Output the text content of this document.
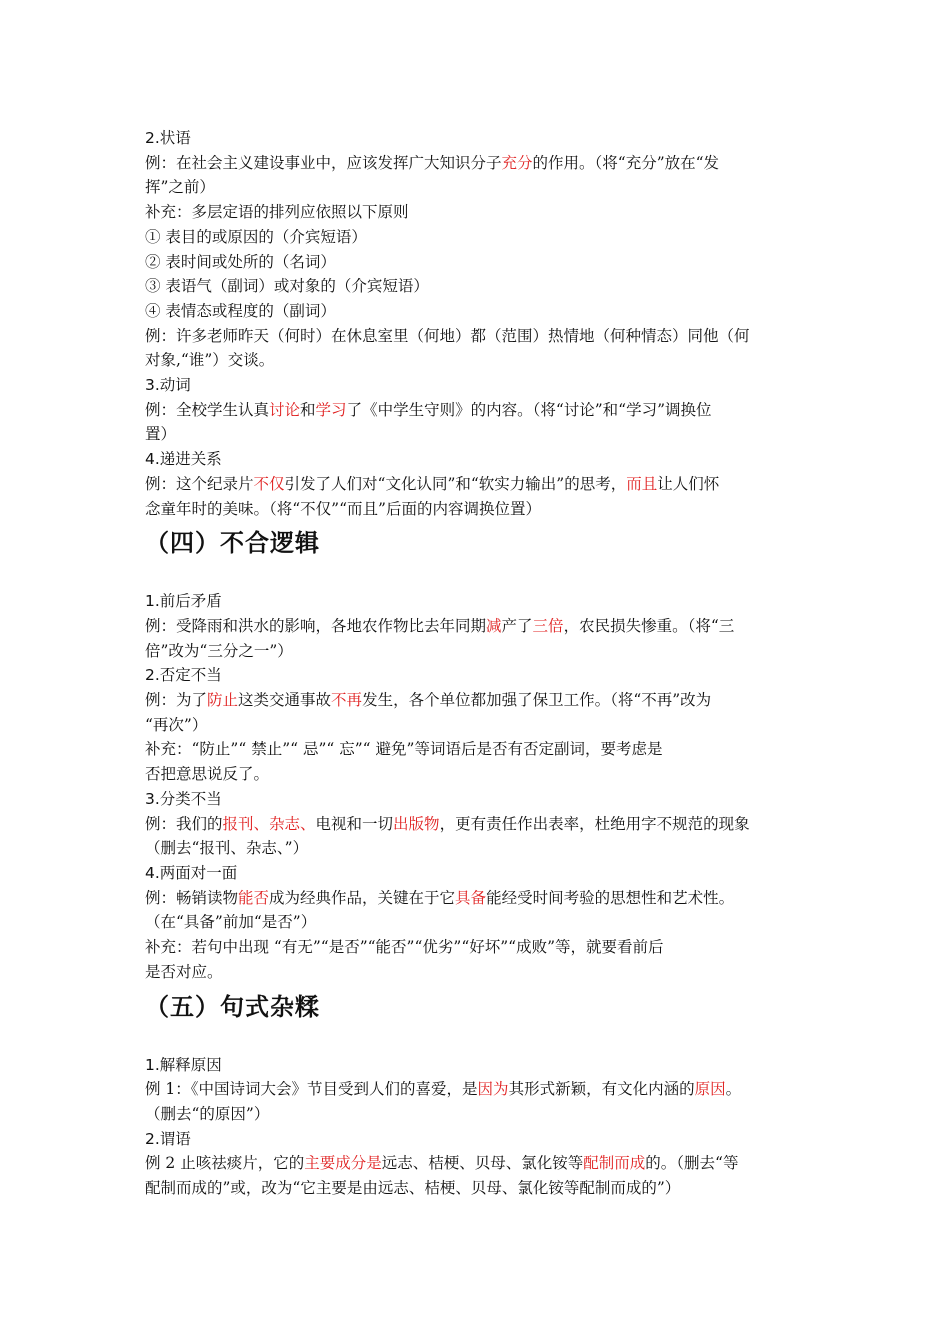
2.状语
例：在社会主义建设事业中，应该发挥广大知识分子充分的作用。（将“充分”放在“发
挥”之前）
补充：多层定语的排列应依照以下原则
① 表目的或原因的（介宾短语）
② 表时间或处所的（名词）
③ 表语气（副词）或对象的（介宾短语）
④ 表情态或程度的（副词）
例：许多老师昨天（何时）在休息室里（何地）都（范围）热情地（何种情态）同他（何
对象,“谁”）交谈。
3.动词
例：全校学生认真讨论和学习了《中学生守则》的内容。（将“讨论”和“学习”调换位
置）
4.递进关系
例：这个纪录片不仅引发了人们对“文化认同”和“软实力输出”的思考，而且让人们怀
念童年时的美味。（将“不仅”“而且”后面的内容调换位置）
（四）不合逻辑
1.前后矛盾
例：受降雨和洪水的影响，各地农作物比去年同期减产了三倍，农民损失惨重。（将“三
倍”改为“三分之一”）
2.否定不当
例：为了防止这类交通事故不再发生，各个单位都加强了保卫工作。（将“不再”改为
“再次”）
补充：“防止”“ 禁止”“ 忌”“ 忘”“ 避免”等词语后是否有否定副词，要考虑是
否把意思说反了。
3.分类不当
例：我们的报刊、杂志、电视和一切出版物，更有责任作出表率，杜绝用字不规范的现象
（删去“报刊、杂志、”）
4.两面对一面
例：畅销读物能否成为经典作品，关键在于它具备能经受时间考验的思想性和艺术性。
（在“具备”前加“是否”）
补充：若句中出现 “有无”“是否”“能否”“优劣”“好坏”“成败”等，就要看前后
是否对应。
（五）句式杂糅
1.解释原因
例 1：《中国诗词大会》节目受到人们的喜爱，是因为其形式新颖，有文化内涵的原因。
（删去“的原因”）
2.谓语
例 2 止咳祛痰片，它的主要成分是远志、桔梗、贝母、氯化铵等配制而成的。（删去“等
配制而成的”或，改为“它主要是由远志、桔梗、贝母、氯化铵等配制而成的”）
